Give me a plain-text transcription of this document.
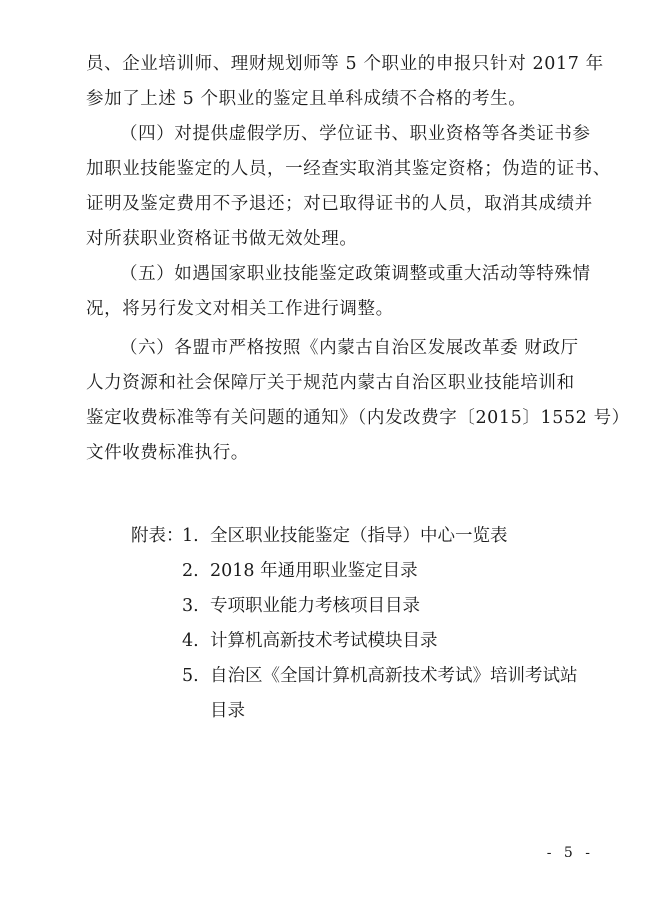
员、企业培训师、理财规划师等 5 个职业的申报只针对 2017 年
参加了上述 5 个职业的鉴定且单科成绩不合格的考生。
（四）对提供虚假学历、学位证书、职业资格等各类证书参
加职业技能鉴定的人员，一经查实取消其鉴定资格；伪造的证书、
证明及鉴定费用不予退还；对已取得证书的人员，取消其成绩并
对所获职业资格证书做无效处理。
（五）如遇国家职业技能鉴定政策调整或重大活动等特殊情
况，将另行发文对相关工作进行调整。
（六）各盟市严格按照《内蒙古自治区发展改革委 财政厅
人力资源和社会保障厅关于规范内蒙古自治区职业技能培训和
鉴定收费标准等有关问题的通知》（内发改费字〔2015〕1552 号）
文件收费标准执行。
附表：
1. 全区职业技能鉴定（指导）中心一览表
2. 2018 年通用职业鉴定目录
3. 专项职业能力考核项目目录
4. 计算机高新技术考试模块目录
5. 自治区《全国计算机高新技术考试》培训考试站
目录
- 5 -
